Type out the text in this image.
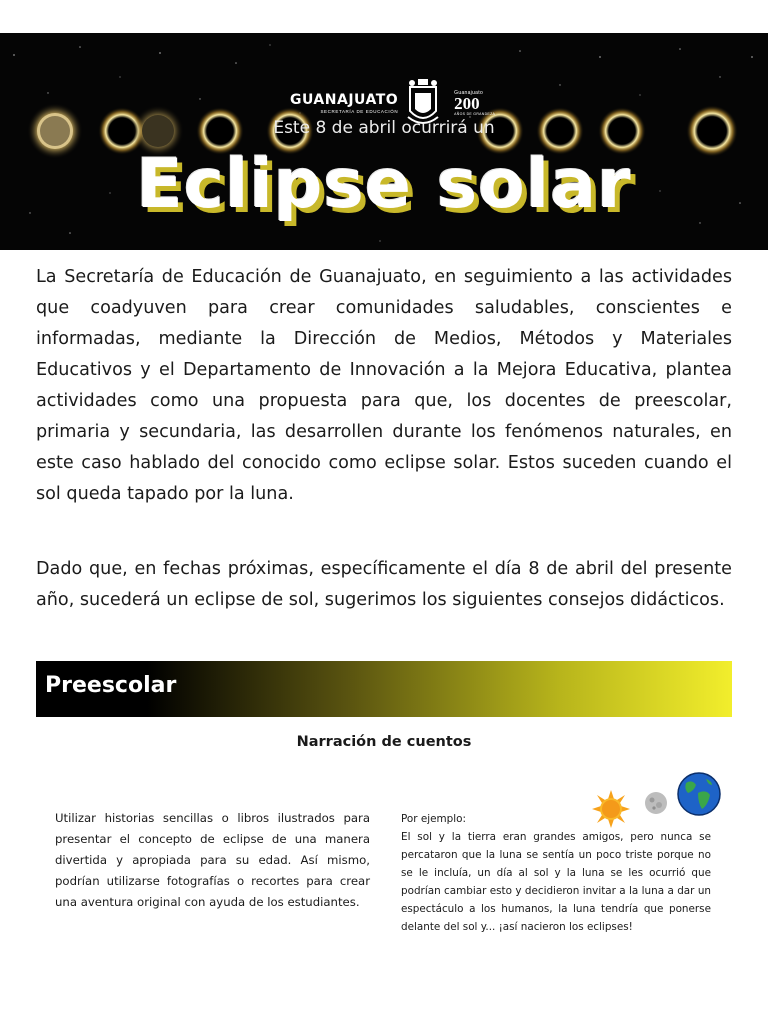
GUANAJUATO
SECRETARÍA DE EDUCACIÓN
Guanajuato
200
AÑOS DE GRANDEZA
Este 8 de abril ocurrirá un
Eclipse solar

La Secretaría de Educación de Guanajuato, en seguimiento a las actividades que coadyuven para crear comunidades saludables, conscientes e informadas, mediante la Dirección de Medios, Métodos y Materiales Educativos y el Departamento de Innovación a la Mejora Educativa, plantea actividades como una propuesta para que, los docentes de preescolar, primaria y secundaria, las desarrollen durante los fenómenos naturales, en este caso hablado del conocido como eclipse solar. Estos suceden cuando el sol queda tapado por la luna.

Dado que, en fechas próximas, específicamente el día 8 de abril del presente año, sucederá un eclipse de sol, sugerimos los siguientes consejos didácticos.

Preescolar
Narración de cuentos

Utilizar historias sencillas o libros ilustrados para presentar el concepto de eclipse de una manera divertida y apropiada para su edad. Así mismo, podrían utilizarse fotografías o recortes para crear una aventura original con ayuda de los estudiantes.

Por ejemplo:
El sol y la tierra eran grandes amigos, pero nunca se percataron que la luna se sentía un poco triste porque no se le incluía, un día al sol y la luna se les ocurrió que podrían cambiar esto y decidieron invitar a la luna a dar un espectáculo a los humanos, la luna tendría que ponerse delante del sol y... ¡así nacieron los eclipses!
